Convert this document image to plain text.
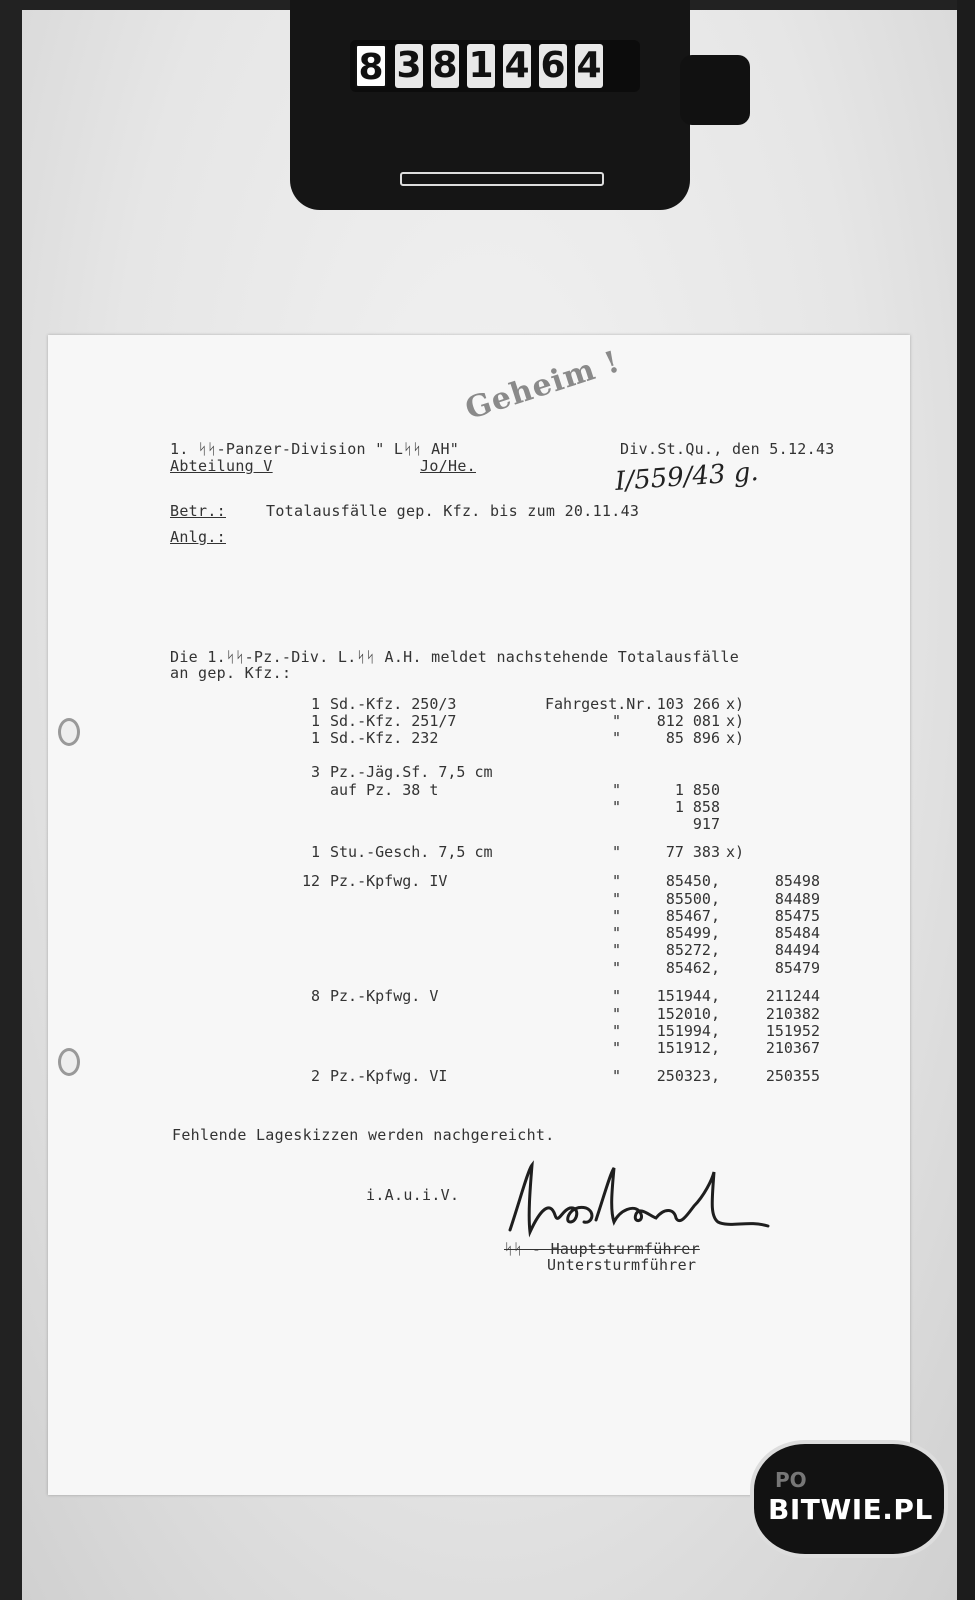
8 3 8 1 4 6 4
Geheim !
1. ᛋᛋ-Panzer-Division " Lᛋᛋ AH"
Abteilung V	Jo/He.
Div.St.Qu., den 5.12.43
I/559/43 g.
Betr.:	Totalausfälle gep. Kfz. bis zum 20.11.43
Anlg.:
Die 1.ᛋᛋ-Pz.-Div. L.ᛋᛋ A.H. meldet nachstehende Totalausfälle
an gep. Kfz.:
1 Sd.-Kfz. 250/3	Fahrgest.Nr. 103 266 x)
1 Sd.-Kfz. 251/7	"	812 081 x)
1 Sd.-Kfz. 232	"	85 896 x)
3 Pz.-Jäg.Sf. 7,5 cm
auf Pz. 38 t	"	1 850
"	1 858
917
1 Stu.-Gesch. 7,5 cm	"	77 383 x)
12 Pz.-Kpfwg. IV	"	85450,	85498
"	85500,	84489
"	85467,	85475
"	85499,	85484
"	85272,	84494
"	85462,	85479
8 Pz.-Kpfwg. V	"	151944,	211244
"	152010,	210382
"	151994,	151952
"	151912,	210367
2 Pz.-Kpfwg. VI	"	250323,	250355
Fehlende Lageskizzen werden nachgereicht.
i.A.u.i.V.
ᛋᛋ - Hauptsturmführer
Untersturmführer
PO
BITWIE.PL
